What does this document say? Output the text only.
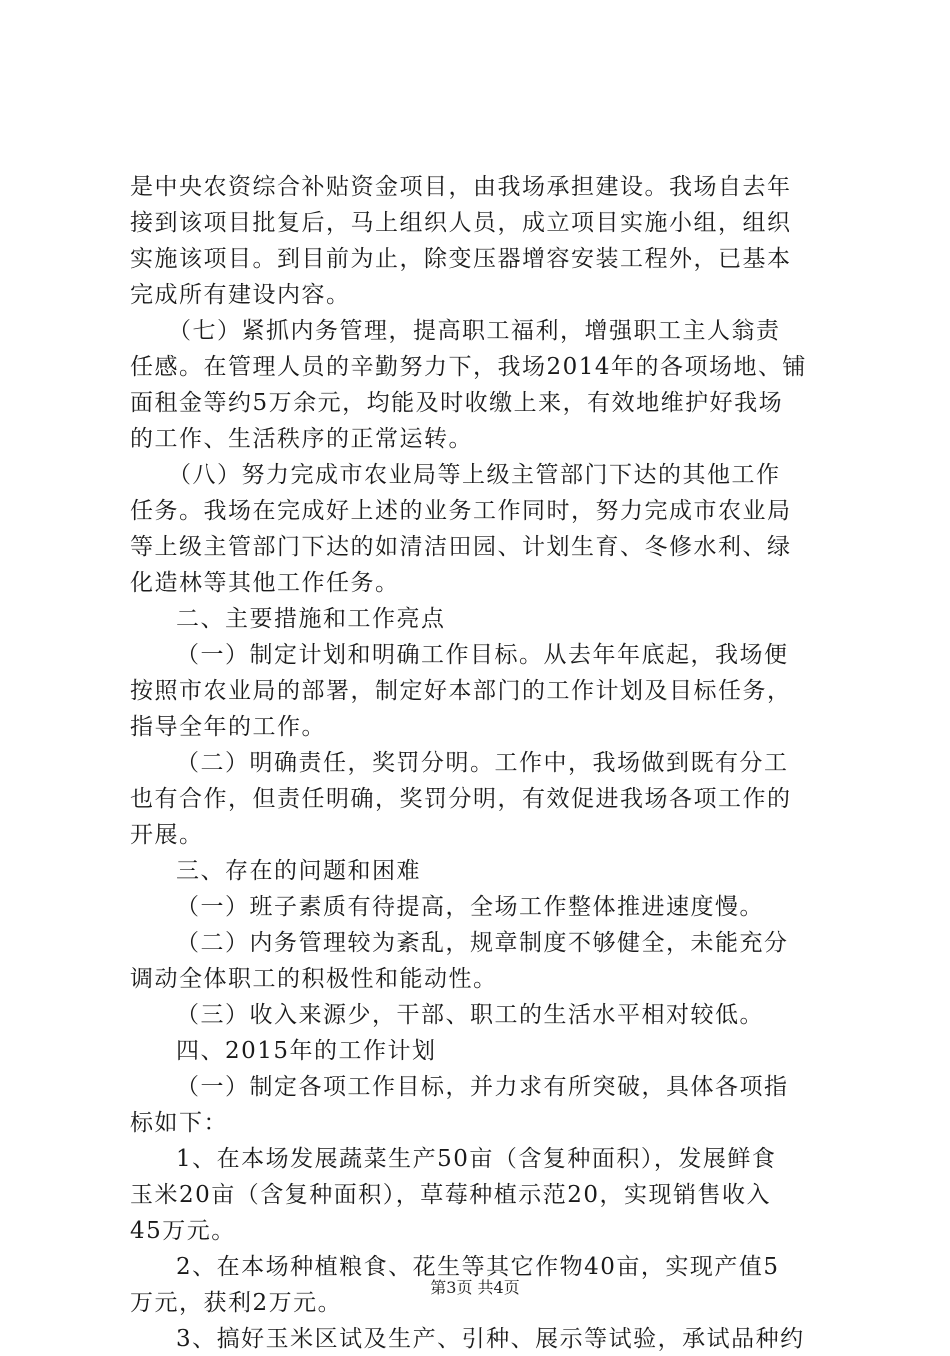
是中央农资综合补贴资金项目，由我场承担建设。我场自去年
接到该项目批复后，马上组织人员，成立项目实施小组，组织
实施该项目。到目前为止，除变压器增容安装工程外，已基本
完成所有建设内容。
（七）紧抓内务管理，提高职工福利，增强职工主人翁责
任感。在管理人员的辛勤努力下，我场2014年的各项场地、铺
面租金等约5万余元，均能及时收缴上来，有效地维护好我场
的工作、生活秩序的正常运转。
（八）努力完成市农业局等上级主管部门下达的其他工作
任务。我场在完成好上述的业务工作同时，努力完成市农业局
等上级主管部门下达的如清洁田园、计划生育、冬修水利、绿
化造林等其他工作任务。
二、主要措施和工作亮点
（一）制定计划和明确工作目标。从去年年底起，我场便
按照市农业局的部署，制定好本部门的工作计划及目标任务，
指导全年的工作。
（二）明确责任，奖罚分明。工作中，我场做到既有分工
也有合作，但责任明确，奖罚分明，有效促进我场各项工作的
开展。
三、存在的问题和困难
（一）班子素质有待提高，全场工作整体推进速度慢。
（二）内务管理较为紊乱，规章制度不够健全，未能充分
调动全体职工的积极性和能动性。
（三）收入来源少，干部、职工的生活水平相对较低。
四、2015年的工作计划
（一）制定各项工作目标，并力求有所突破，具体各项指
标如下：
1、在本场发展蔬菜生产50亩（含复种面积），发展鲜食
玉米20亩（含复种面积），草莓种植示范20，实现销售收入
45万元。
2、在本场种植粮食、花生等其它作物40亩，实现产值5
万元，获利2万元。
3、搞好玉米区试及生产、引种、展示等试验，承试品种约
第3页 共4页
